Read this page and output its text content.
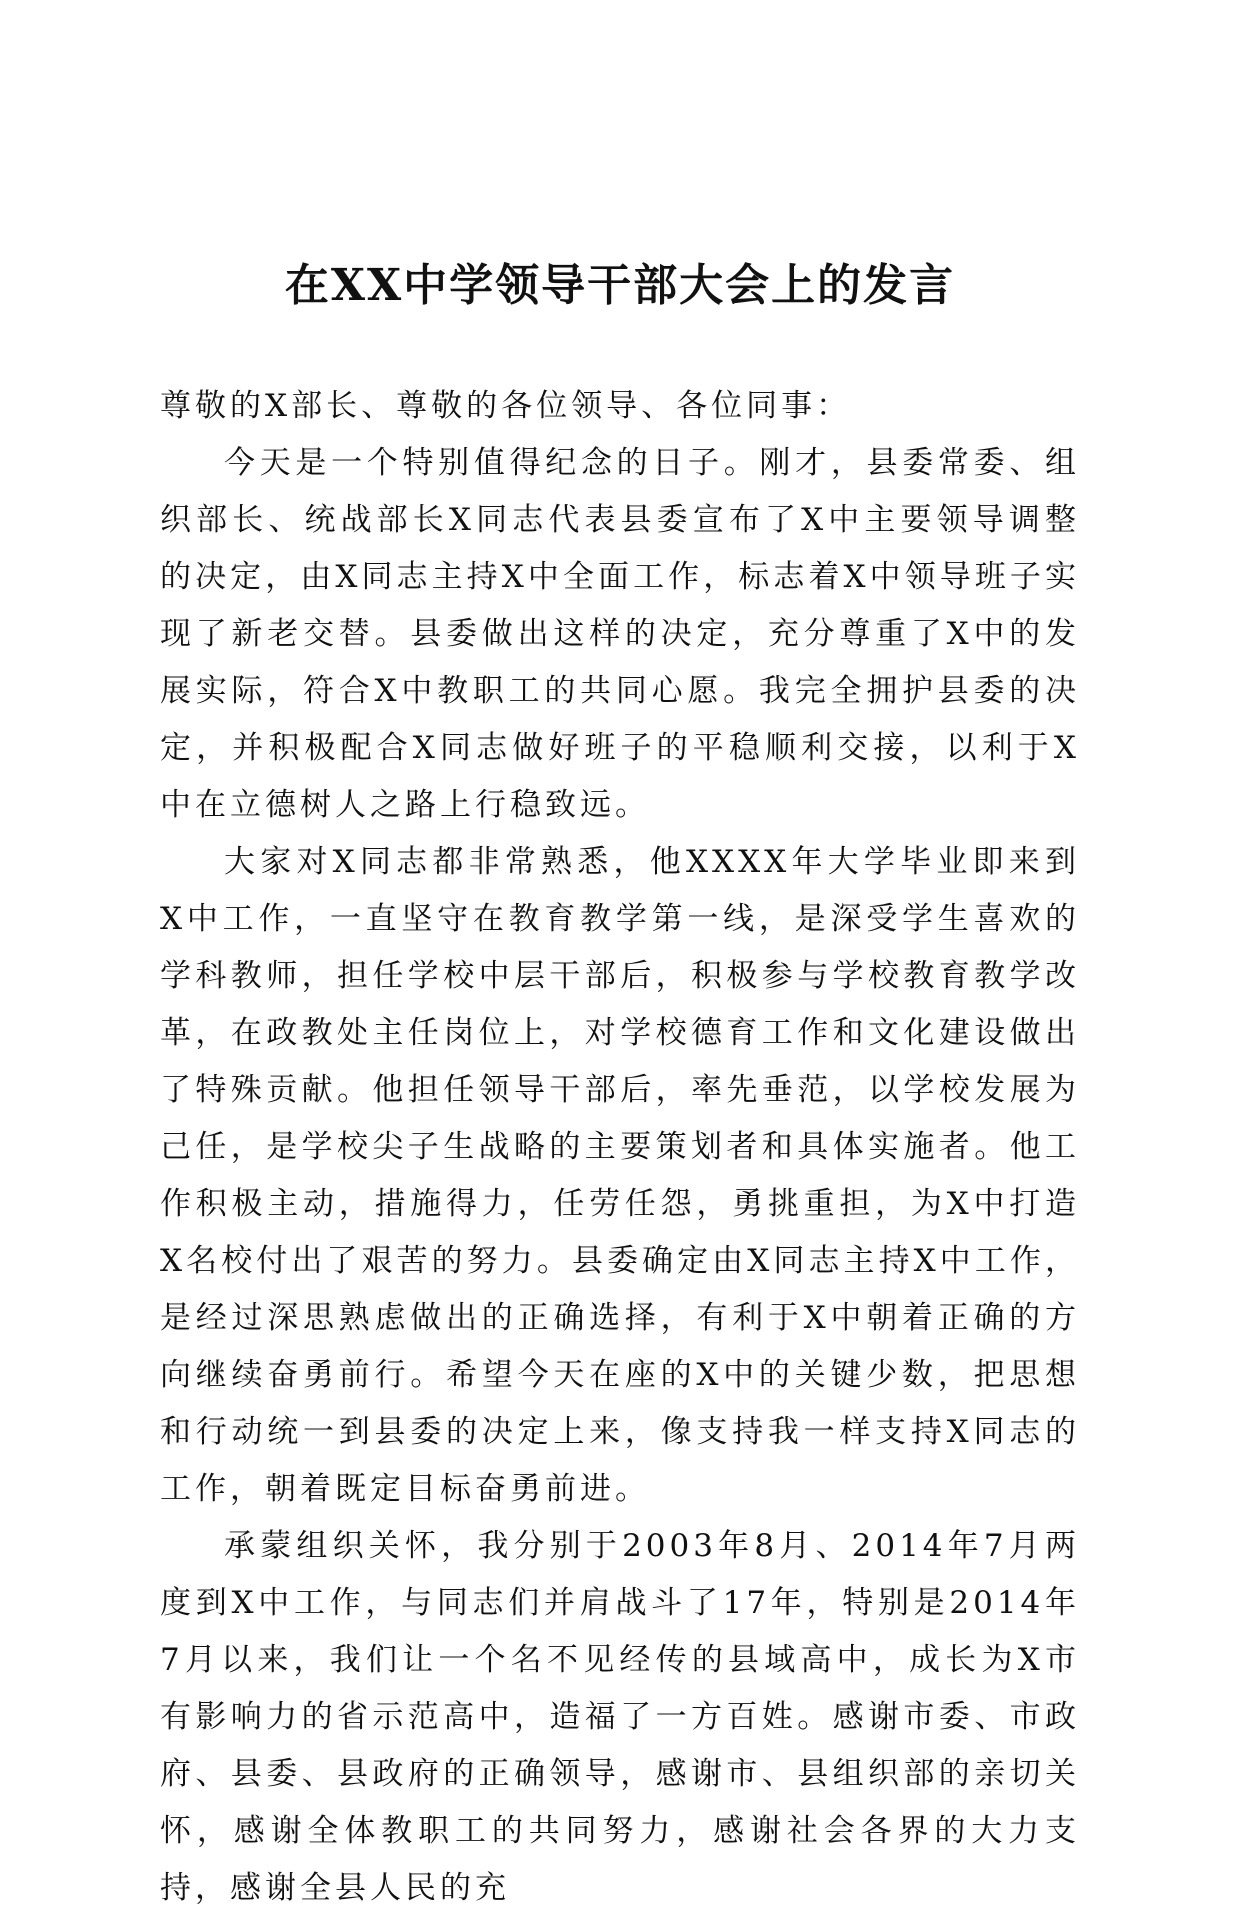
在XX中学领导干部大会上的发言

尊敬的X部长、尊敬的各位领导、各位同事：

今天是一个特别值得纪念的日子。刚才，县委常委、组织部长、统战部长X同志代表县委宣布了X中主要领导调整的决定，由X同志主持X中全面工作，标志着X中领导班子实现了新老交替。县委做出这样的决定，充分尊重了X中的发展实际，符合X中教职工的共同心愿。我完全拥护县委的决定，并积极配合X同志做好班子的平稳顺利交接，以利于X中在立德树人之路上行稳致远。

大家对X同志都非常熟悉，他XXXX年大学毕业即来到X中工作，一直坚守在教育教学第一线，是深受学生喜欢的学科教师，担任学校中层干部后，积极参与学校教育教学改革，在政教处主任岗位上，对学校德育工作和文化建设做出了特殊贡献。他担任领导干部后，率先垂范，以学校发展为己任，是学校尖子生战略的主要策划者和具体实施者。他工作积极主动，措施得力，任劳任怨，勇挑重担，为X中打造X名校付出了艰苦的努力。县委确定由X同志主持X中工作，是经过深思熟虑做出的正确选择，有利于X中朝着正确的方向继续奋勇前行。希望今天在座的X中的关键少数，把思想和行动统一到县委的决定上来，像支持我一样支持X同志的工作，朝着既定目标奋勇前进。

承蒙组织关怀，我分别于2003年8月、2014年7月两度到X中工作，与同志们并肩战斗了17年，特别是2014年7月以来，我们让一个名不见经传的县域高中，成长为X市有影响力的省示范高中，造福了一方百姓。感谢市委、市政府、县委、县政府的正确领导，感谢市、县组织部的亲切关怀，感谢全体教职工的共同努力，感谢社会各界的大力支持，感谢全县人民的充
